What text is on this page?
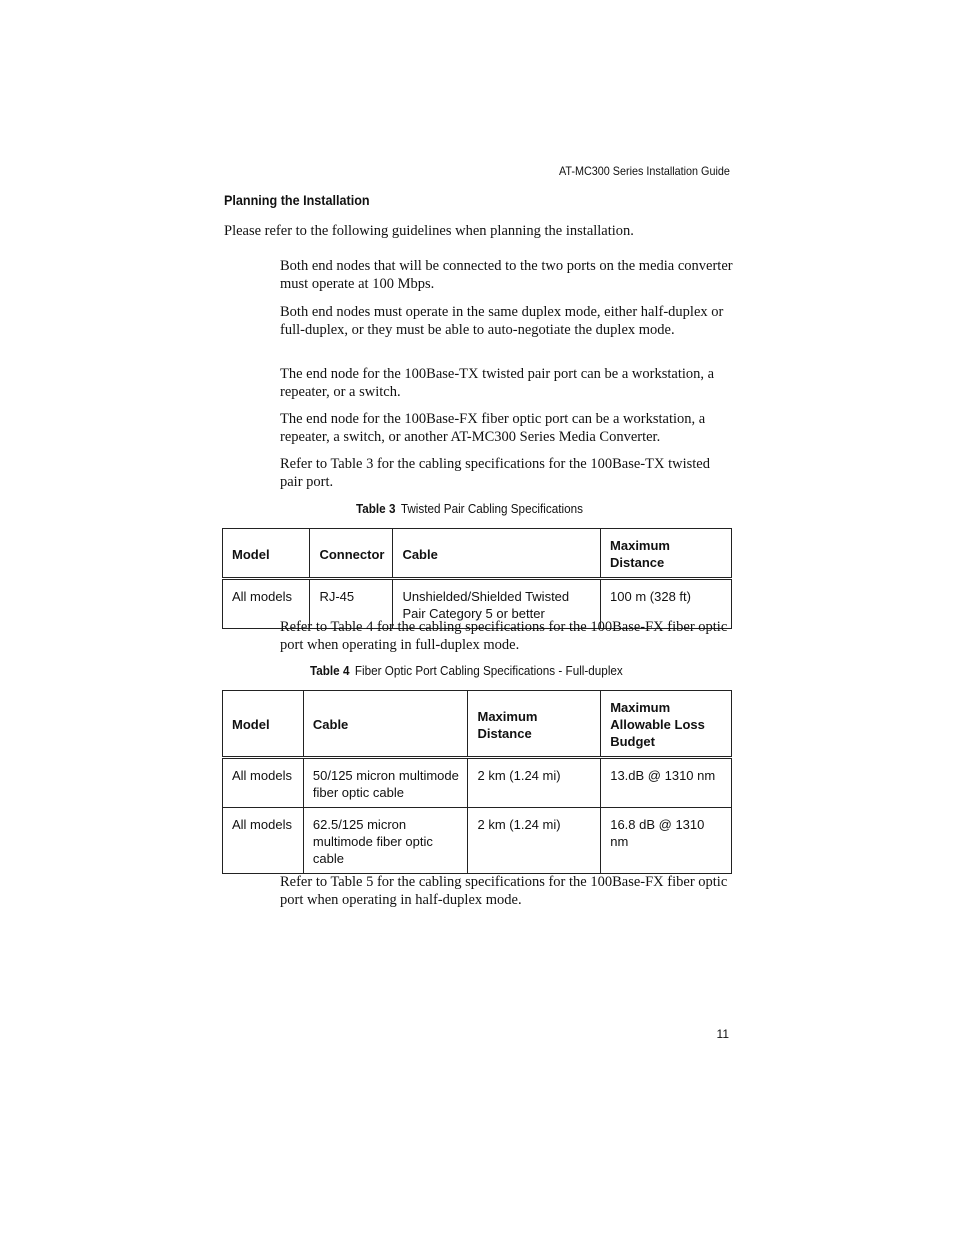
AT-MC300 Series Installation Guide
Planning the Installation
Please refer to the following guidelines when planning the installation.
Both end nodes that will be connected to the two ports on the media converter must operate at 100 Mbps.
Both end nodes must operate in the same duplex mode, either half-duplex or full-duplex, or they must be able to auto-negotiate the duplex mode.
The end node for the 100Base-TX twisted pair port can be a workstation, a repeater, or a switch.
The end node for the 100Base-FX fiber optic port can be a workstation, a repeater, a switch, or another AT-MC300 Series Media Converter.
Refer to Table 3 for the cabling specifications for the 100Base-TX twisted pair port.
Table 3 Twisted Pair Cabling Specifications
Model	Connector	Cable	Maximum Distance
All models	RJ-45	Unshielded/Shielded Twisted Pair Category 5 or better	100 m (328 ft)
Refer to Table 4 for the cabling specifications for the 100Base-FX fiber optic port when operating in full-duplex mode.
Table 4 Fiber Optic Port Cabling Specifications - Full-duplex
Model	Cable	Maximum Distance	Maximum Allowable Loss Budget
All models	50/125 micron multimode fiber optic cable	2 km (1.24 mi)	13.dB @ 1310 nm
All models	62.5/125 micron multimode fiber optic cable	2 km (1.24 mi)	16.8 dB @ 1310 nm
Refer to Table 5 for the cabling specifications for the 100Base-FX fiber optic port when operating in half-duplex mode.
11
